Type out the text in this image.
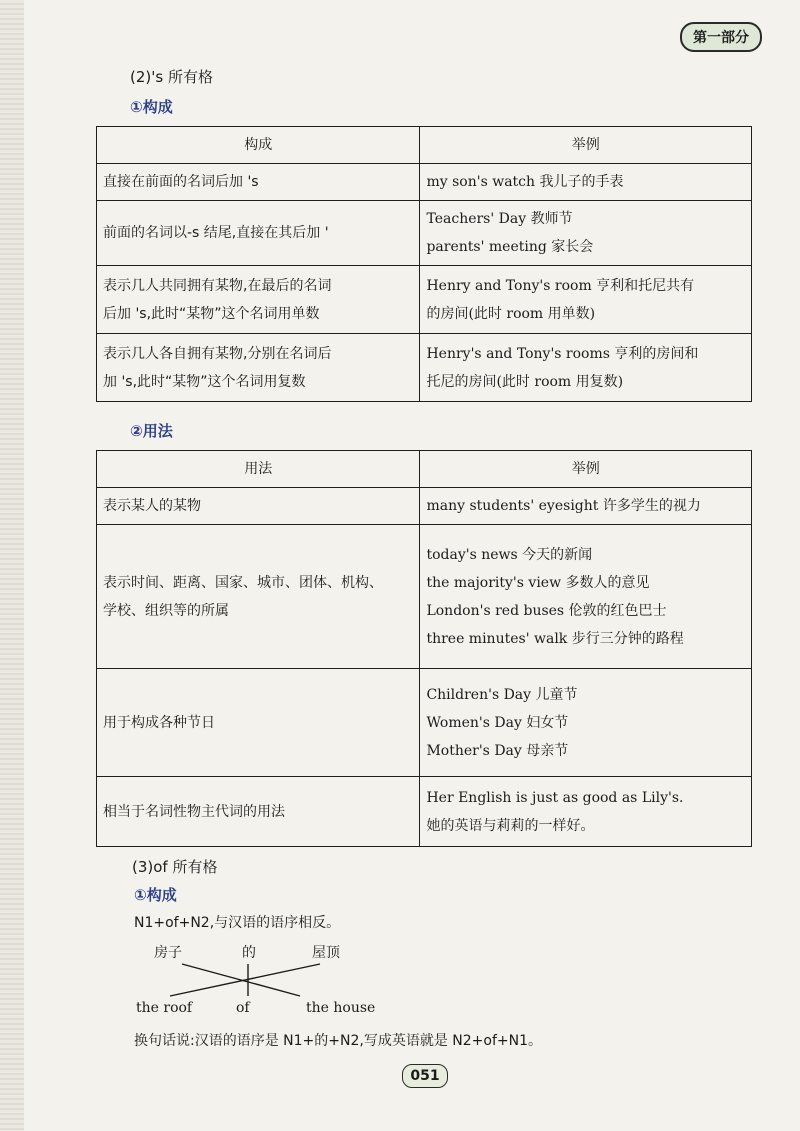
第一部分
(2)'s 所有格
①构成
构成	举例

直接在前面的名词后加 's	my son's watch 我儿子的手表

前面的名词以-s 结尾,直接在其后加 '	Teachers' Day 教师节
parents' meeting 家长会

表示几人共同拥有某物,在最后的名词
后加 's,此时“某物”这个名词用单数	Henry and Tony's room 亨利和托尼共有
的房间(此时 room 用单数)

表示几人各自拥有某物,分别在名词后
加 's,此时“某物”这个名词用复数	Henry's and Tony's rooms 亨利的房间和
托尼的房间(此时 room 用复数)
②用法
用法	举例

表示某人的某物	many students' eyesight 许多学生的视力

表示时间、距离、国家、城市、团体、机构、
学校、组织等的所属	today's news 今天的新闻
the majority's view 多数人的意见
London's red buses 伦敦的红色巴士
three minutes' walk 步行三分钟的路程

用于构成各种节日	Children's Day 儿童节
Women's Day 妇女节
Mother's Day 母亲节

相当于名词性物主代词的用法	Her English is just as good as Lily's.
她的英语与莉莉的一样好。
(3)of 所有格
①构成
N1+of+N2,与汉语的语序相反。
房子	的	屋顶
the roof	of	the house
换句话说:汉语的语序是 N1+的+N2,写成英语就是 N2+of+N1。
051
